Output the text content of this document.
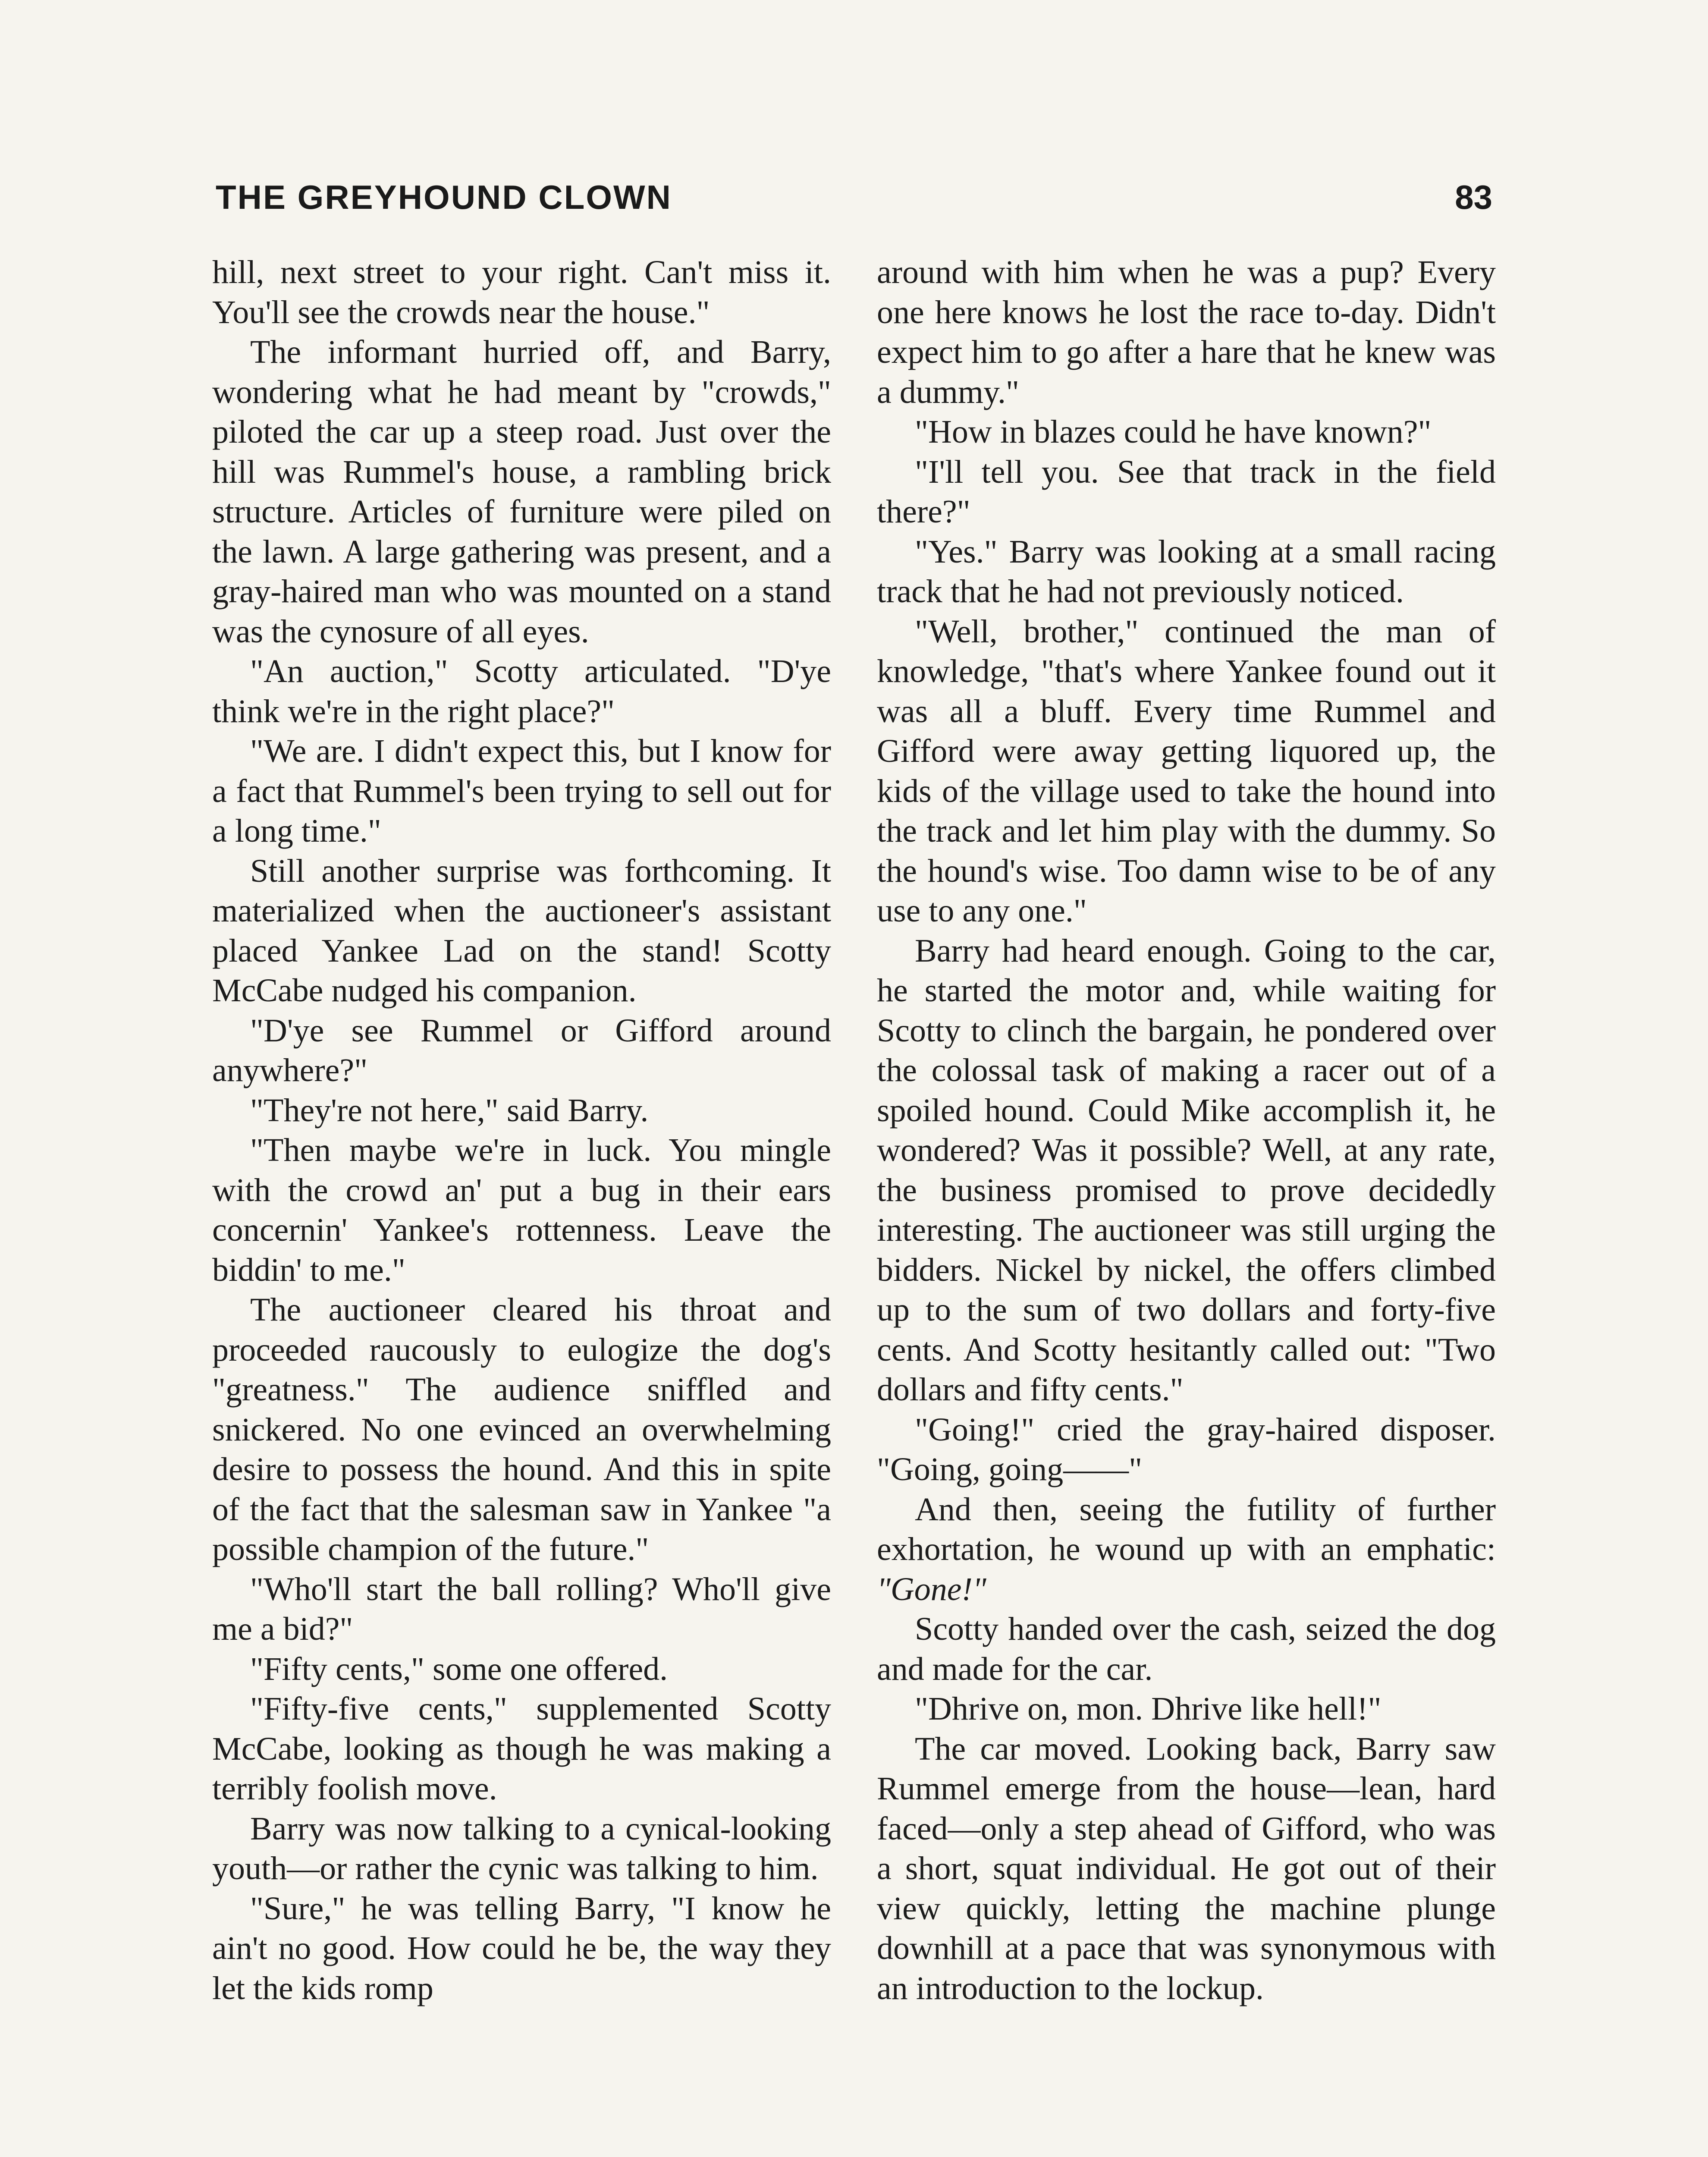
THE GREYHOUND CLOWN	83

hill, next street to your right. Can't miss it. You'll see the crowds near the house."

The informant hurried off, and Barry, wondering what he had meant by "crowds," piloted the car up a steep road. Just over the hill was Rummel's house, a rambling brick structure. Articles of furniture were piled on the lawn. A large gathering was present, and a gray-haired man who was mounted on a stand was the cynosure of all eyes.

"An auction," Scotty articulated. "D'ye think we're in the right place?"

"We are. I didn't expect this, but I know for a fact that Rummel's been trying to sell out for a long time."

Still another surprise was forthcoming. It materialized when the auctioneer's assistant placed Yankee Lad on the stand! Scotty McCabe nudged his companion.

"D'ye see Rummel or Gifford around anywhere?"

"They're not here," said Barry.

"Then maybe we're in luck. You mingle with the crowd an' put a bug in their ears concernin' Yankee's rottenness. Leave the biddin' to me."

The auctioneer cleared his throat and proceeded raucously to eulogize the dog's "greatness." The audience sniffled and snickered. No one evinced an overwhelming desire to possess the hound. And this in spite of the fact that the salesman saw in Yankee "a possible champion of the future."

"Who'll start the ball rolling? Who'll give me a bid?"

"Fifty cents," some one offered.

"Fifty-five cents," supplemented Scotty McCabe, looking as though he was making a terribly foolish move.

Barry was now talking to a cynical-looking youth—or rather the cynic was talking to him.

"Sure," he was telling Barry, "I know he ain't no good. How could he be, the way they let the kids romp

around with him when he was a pup? Every one here knows he lost the race to-day. Didn't expect him to go after a hare that he knew was a dummy."

"How in blazes could he have known?"

"I'll tell you. See that track in the field there?"

"Yes." Barry was looking at a small racing track that he had not previously noticed.

"Well, brother," continued the man of knowledge, "that's where Yankee found out it was all a bluff. Every time Rummel and Gifford were away getting liquored up, the kids of the village used to take the hound into the track and let him play with the dummy. So the hound's wise. Too damn wise to be of any use to any one."

Barry had heard enough. Going to the car, he started the motor and, while waiting for Scotty to clinch the bargain, he pondered over the colossal task of making a racer out of a spoiled hound. Could Mike accomplish it, he wondered? Was it possible? Well, at any rate, the business promised to prove decidedly interesting. The auctioneer was still urging the bidders. Nickel by nickel, the offers climbed up to the sum of two dollars and forty-five cents. And Scotty hesitantly called out: "Two dollars and fifty cents."

"Going!" cried the gray-haired disposer. "Going, going——"

And then, seeing the futility of further exhortation, he wound up with an emphatic: "Gone!"

Scotty handed over the cash, seized the dog and made for the car.

"Dhrive on, mon. Dhrive like hell!"

The car moved. Looking back, Barry saw Rummel emerge from the house—lean, hard faced—only a step ahead of Gifford, who was a short, squat individual. He got out of their view quickly, letting the machine plunge downhill at a pace that was synonymous with an introduction to the lockup.
